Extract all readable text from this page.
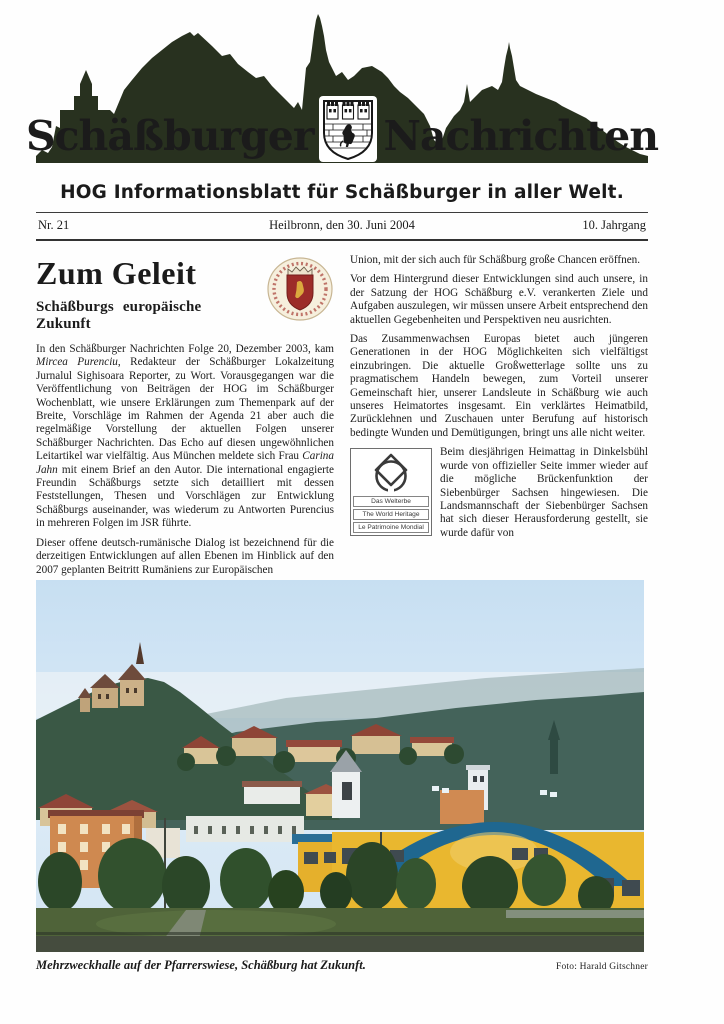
Schäßburger Nachrichten
HOG Informationsblatt für Schäßburger in aller Welt.
Nr. 21	Heilbronn, den 30. Juni 2004	10. Jahrgang
Zum Geleit
Schäßburgs europäische Zukunft

In den Schäßburger Nachrichten Folge 20, Dezember 2003, kam Mircea Purenciu, Redakteur der Schäßburger Lokalzeitung Jurnalul Sighisoara Reporter, zu Wort. Vorausgegangen war die Veröffentlichung von Beiträgen der HOG im Schäßburger Wochenblatt, wie unsere Erklärungen zum Themenpark auf der Breite, Vorschläge im Rahmen der Agenda 21 aber auch die regelmäßige Vorstellung der aktuellen Folgen unserer Schäßburger Nachrichten. Das Echo auf diesen ungewöhnlichen Leitartikel war vielfältig. Aus München meldete sich Frau Carina Jahn mit einem Brief an den Autor. Die international engagierte Freundin Schäßburgs setzte sich detailliert mit dessen Feststellungen, Thesen und Vorschlägen zur Entwicklung Schäßburgs auseinander, was wiederum zu Antworten Purencius in mehreren Folgen im JSR führte.

Dieser offene deutsch-rumänische Dialog ist bezeichnend für die derzeitigen Entwicklungen auf allen Ebenen im Hinblick auf den 2007 geplanten Beitritt Rumäniens zur Europäischen

Union, mit der sich auch für Schäßburg große Chancen eröffnen.

Vor dem Hintergrund dieser Entwicklungen sind auch unsere, in der Satzung der HOG Schäßburg e.V. verankerten Ziele und Aufgaben auszulegen, wir müssen unsere Arbeit entsprechend den aktuellen Gegebenheiten und Perspektiven neu ausrichten.

Das Zusammenwachsen Europas bietet auch jüngeren Generationen in der HOG Möglichkeiten sich vielfältigst einzubringen. Die aktuelle Großwetterlage sollte uns zu pragmatischem Handeln bewegen, zum Vorteil unserer Gemeinschaft hier, unserer Landsleute in Schäßburg wie auch unseres Heimatortes insgesamt. Ein verklärtes Heimatbild, Zurücklehnen und Zuschauen unter Berufung auf historisch bedingte Wunden und Demütigungen, bringt uns alle nicht weiter.

Das Welterbe
The World Heritage
Le Patrimoine Mondial
Beim diesjährigen Heimattag in Dinkelsbühl wurde von offizieller Seite immer wieder auf die mögliche Brückenfunktion der Siebenbürger Sachsen hingewiesen. Die Landsmannschaft der Siebenbürger Sachsen hat sich dieser Herausforderung gestellt, sie wurde dafür von

Mehrzweckhalle auf der Pfarrerswiese, Schäßburg hat Zukunft.	Foto: Harald Gitschner
